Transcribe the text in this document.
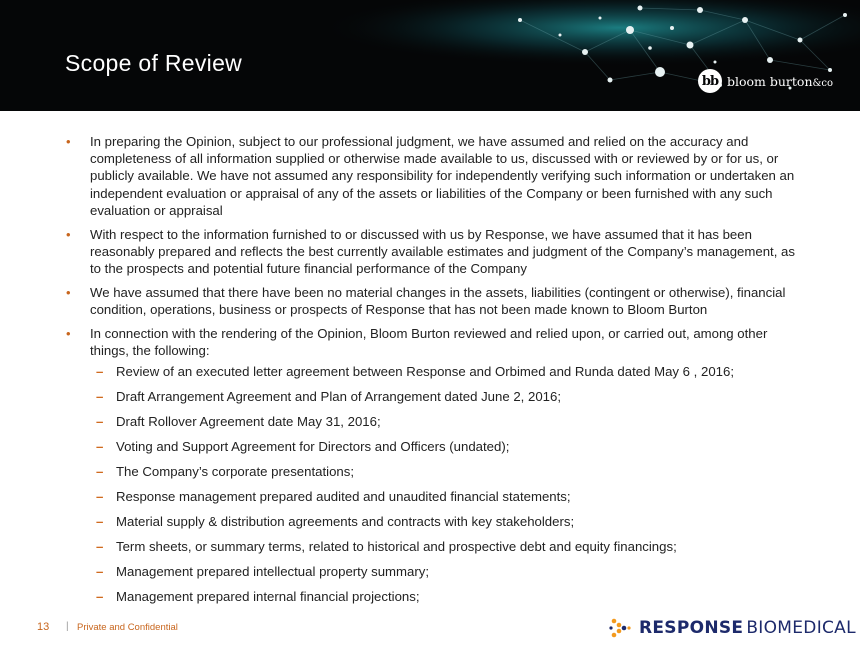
Scope of Review
bb bloom burton&co
• In preparing the Opinion, subject to our professional judgment, we have assumed and relied on the accuracy and completeness of all information supplied or otherwise made available to us, discussed with or reviewed by or for us, or publicly available. We have not assumed any responsibility for independently verifying such information or undertaken an independent evaluation or appraisal of any of the assets or liabilities of the Company or been furnished with any such evaluation or appraisal
• With respect to the information furnished to or discussed with us by Response, we have assumed that it has been reasonably prepared and reflects the best currently available estimates and judgment of the Company’s management, as to the prospects and potential future financial performance of the Company
• We have assumed that there have been no material changes in the assets, liabilities (contingent or otherwise), financial condition, operations, business or prospects of Response that has not been made known to Bloom Burton
• In connection with the rendering of the Opinion, Bloom Burton reviewed and relied upon, or carried out, among other things, the following:
– Review of an executed letter agreement between Response and Orbimed and Runda dated May 6 , 2016;
– Draft Arrangement Agreement and Plan of Arrangement dated June 2, 2016;
– Draft Rollover Agreement date May 31, 2016;
– Voting and Support Agreement for Directors and Officers (undated);
– The Company’s corporate presentations;
– Response management prepared audited and unaudited financial statements;
– Material supply & distribution agreements and contracts with key stakeholders;
– Term sheets, or summary terms, related to historical and prospective debt and equity financings;
– Management prepared intellectual property summary;
– Management prepared internal financial projections;
13 | Private and Confidential	RESPONSE BIOMEDICAL
